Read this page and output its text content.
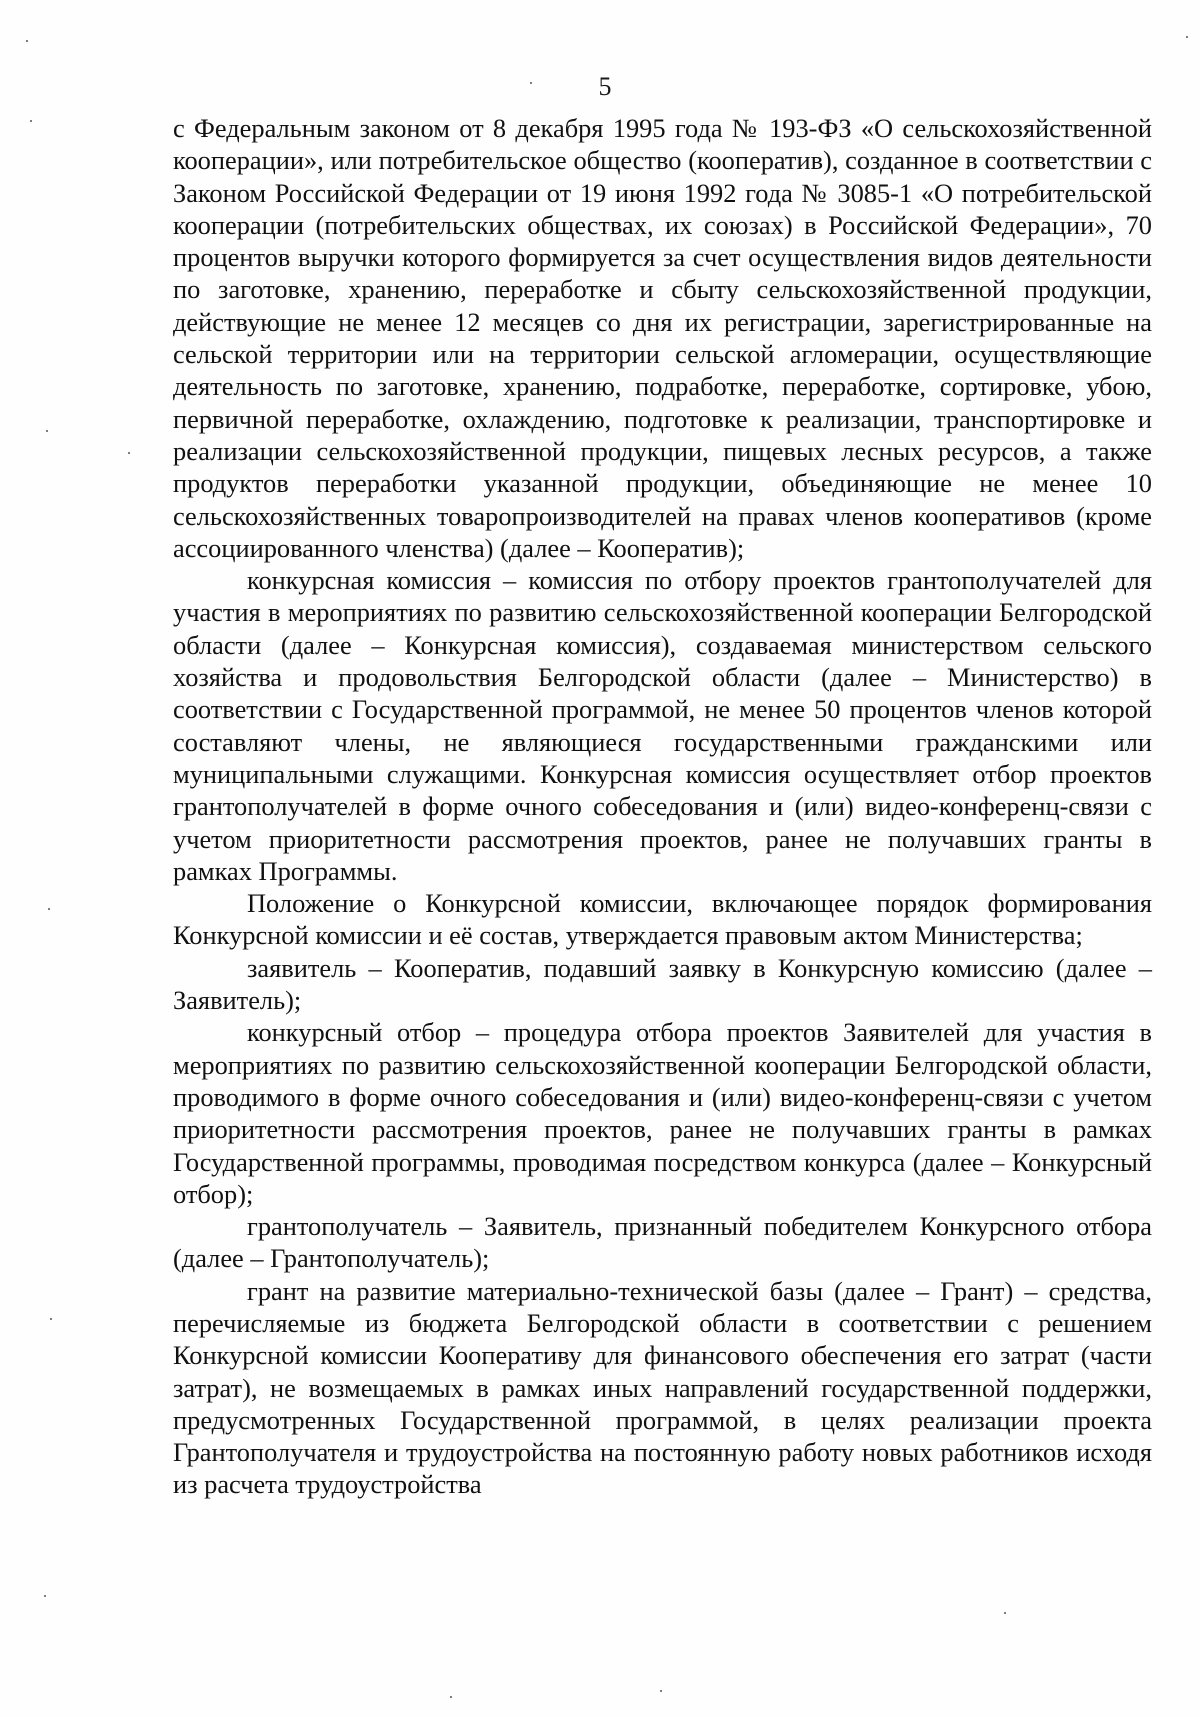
5

с Федеральным законом от 8 декабря 1995 года № 193-ФЗ «О сельскохозяйственной кооперации», или потребительское общество (кооператив), созданное в соответствии с Законом Российской Федерации от 19 июня 1992 года № 3085-1 «О потребительской кооперации (потребительских обществах, их союзах) в Российской Федерации», 70 процентов выручки которого формируется за счет осуществления видов деятельности по заготовке, хранению, переработке и сбыту сельскохозяйственной продукции, действующие не менее 12 месяцев со дня их регистрации, зарегистрированные на сельской территории или на территории сельской агломерации, осуществляющие деятельность по заготовке, хранению, подработке, переработке, сортировке, убою, первичной переработке, охлаждению, подготовке к реализации, транспортировке и реализации сельскохозяйственной продукции, пищевых лесных ресурсов, а также продуктов переработки указанной продукции, объединяющие не менее 10 сельскохозяйственных товаропроизводителей на правах членов кооперативов (кроме ассоциированного членства) (далее – Кооператив);

конкурсная комиссия – комиссия по отбору проектов грантополучателей для участия в мероприятиях по развитию сельскохозяйственной кооперации Белгородской области (далее – Конкурсная комиссия), создаваемая министерством сельского хозяйства и продовольствия Белгородской области (далее – Министерство) в соответствии с Государственной программой, не менее 50 процентов членов которой составляют члены, не являющиеся государственными гражданскими или муниципальными служащими. Конкурсная комиссия осуществляет отбор проектов грантополучателей в форме очного собеседования и (или) видео-конференц-связи с учетом приоритетности рассмотрения проектов, ранее не получавших гранты в рамках Программы.

Положение о Конкурсной комиссии, включающее порядок формирования Конкурсной комиссии и её состав, утверждается правовым актом Министерства;

заявитель – Кооператив, подавший заявку в Конкурсную комиссию (далее – Заявитель);

конкурсный отбор – процедура отбора проектов Заявителей для участия в мероприятиях по развитию сельскохозяйственной кооперации Белгородской области, проводимого в форме очного собеседования и (или) видео-конференц-связи с учетом приоритетности рассмотрения проектов, ранее не получавших гранты в рамках Государственной программы, проводимая посредством конкурса (далее – Конкурсный отбор);

грантополучатель – Заявитель, признанный победителем Конкурсного отбора (далее – Грантополучатель);

грант на развитие материально-технической базы (далее – Грант) – средства, перечисляемые из бюджета Белгородской области в соответствии с решением Конкурсной комиссии Кооперативу для финансового обеспечения его затрат (части затрат), не возмещаемых в рамках иных направлений государственной поддержки, предусмотренных Государственной программой, в целях реализации проекта Грантополучателя и трудоустройства на постоянную работу новых работников исходя из расчета трудоустройства
